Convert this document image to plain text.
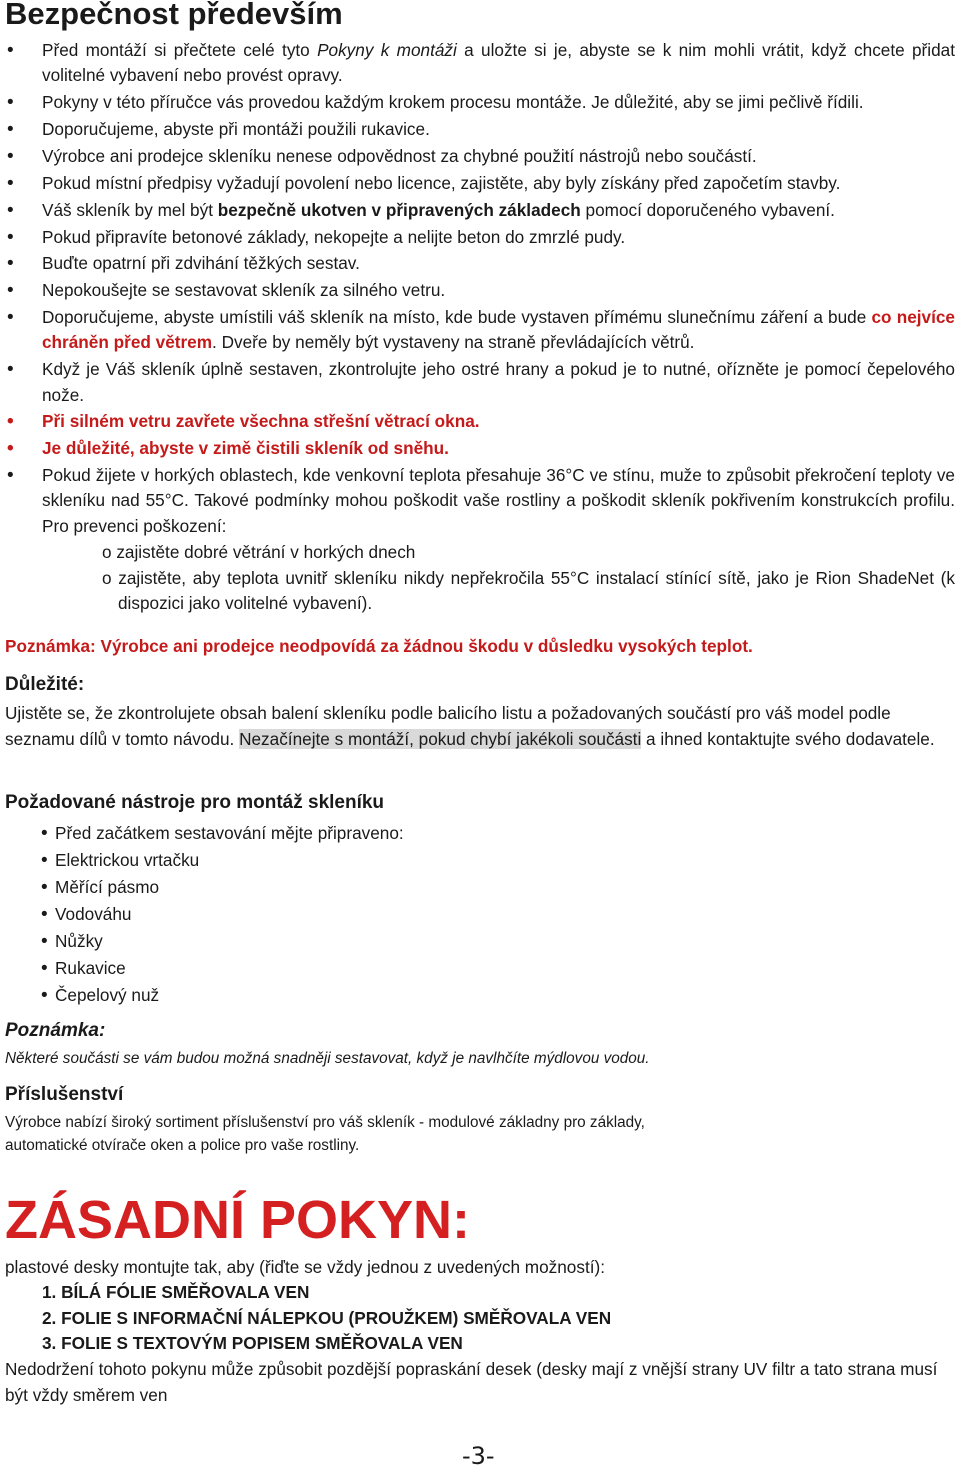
Bezpečnost především
• Před montáží si přečtete celé tyto Pokyny k montáži a uložte si je, abyste se k nim mohli vrátit, když chcete přidat volitelné vybavení nebo provést opravy.
• Pokyny v této příručce vás provedou každým krokem procesu montáže. Je důležité, aby se jimi pečlivě řídili.
• Doporučujeme, abyste při montáži použili rukavice.
• Výrobce ani prodejce skleníku nenese odpovědnost za chybné použití nástrojů nebo součástí.
• Pokud místní předpisy vyžadují povolení nebo licence, zajistěte, aby byly získány před započetím stavby.
• Váš skleník by mel být bezpečně ukotven v připravených základech pomocí doporučeného vybavení.
• Pokud připravíte betonové základy, nekopejte a nelijte beton do zmrzlé pudy.
• Buďte opatrní při zdvihání těžkých sestav.
• Nepokoušejte se sestavovat skleník za silného vetru.
• Doporučujeme, abyste umístili váš skleník na místo, kde bude vystaven přímému slunečnímu záření a bude co nejvíce chráněn před větrem. Dveře by neměly být vystaveny na straně převládajících větrů.
• Když je Váš skleník úplně sestaven, zkontrolujte jeho ostré hrany a pokud je to nutné, ořízněte je pomocí čepelového nože.
• Při silném vetru zavřete všechna střešní větrací okna.
• Je důležité, abyste v zimě čistili skleník od sněhu.
• Pokud žijete v horkých oblastech, kde venkovní teplota přesahuje 36°C ve stínu, muže to způsobit překročení teploty ve skleníku nad 55°C. Takové podmínky mohou poškodit vaše rostliny a poškodit skleník pokřivením konstrukcích profilu. Pro prevenci poškození:
o zajistěte dobré větrání v horkých dnech
o zajistěte, aby teplota uvnitř skleníku nikdy nepřekročila 55°C instalací stínící sítě, jako je Rion ShadeNet (k dispozici jako volitelné vybavení).

Poznámka: Výrobce ani prodejce neodpovídá za žádnou škodu v důsledku vysokých teplot.

Důležité:

Ujistěte se, že zkontrolujete obsah balení skleníku podle balicího listu a požadovaných součástí pro váš model podle seznamu dílů v tomto návodu. Nezačínejte s montáží, pokud chybí jakékoli součásti a ihned kontaktujte svého dodavatele.

Požadované nástroje pro montáž skleníku
• Před začátkem sestavování mějte připraveno:
• Elektrickou vrtačku
• Měřící pásmo
• Vodováhu
• Nůžky
• Rukavice
• Čepelový nuž
Poznámka:

Některé součásti se vám budou možná snadněji sestavovat, když je navlhčíte mýdlovou vodou.

Příslušenství

Výrobce nabízí široký sortiment příslušenství pro váš skleník - modulové základny pro základy,

automatické otvírače oken a police pro vaše rostliny.

ZÁSADNÍ POKYN:

plastové desky montujte tak, aby (řiďte se vždy jednou z uvedených možností):

1. BÍLÁ FÓLIE SMĚŘOVALA VEN
2. FOLIE S INFORMAČNÍ NÁLEPKOU (PROUŽKEM) SMĚŘOVALA VEN
3. FOLIE S TEXTOVÝM POPISEM SMĚŘOVALA VEN

Nedodržení tohoto pokynu může způsobit pozdější popraskání desek (desky mají z vnější strany UV filtr a tato strana musí být vždy směrem ven

-3-
